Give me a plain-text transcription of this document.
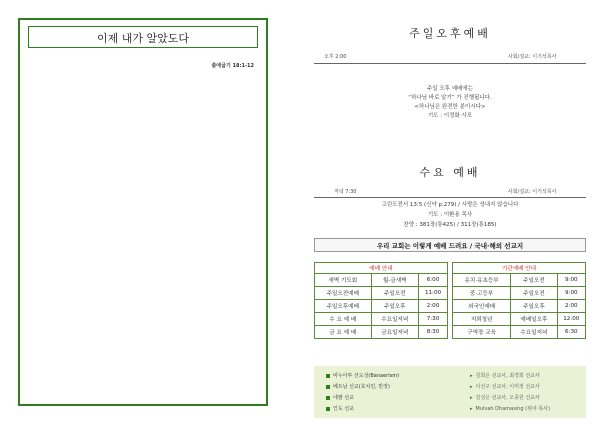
이제 내가 알았도다
출애굽기 18:1-12
주일오후예배
오후 2:00	사회/설교: 이기석목사
주일 오후 예배에는
“하나님 바로 알기” 가 진행됩니다.
<하나님은 완전한 분이시다>
기도 : 이정화 사모
수요 예배
저녁 7:30	사회/설교: 이기석목사
고린도전서 13:5 (신약 p.279) / 사랑은 성내지 않습니다
기도 : 이환용 목사
찬양 : 381장(통425) / 311장(통185)
우리 교회는 이렇게 예배 드려요 / 국내·해외 선교지
예배 안내		
새벽 기도회	월-금새벽	6:00
주일오전예배	주일오전	11:00
주일오후예배	주일오후	2:00
수 요 예 배	수요일저녁	7:30
금 요 예 배	금요일저녁	8:30
기관예배 안내		
유치·유초등부	주일오전	9:00
중·고등부	주일오전	9:00
외국인예배	주일오후	2:00
지뢰청년	예배일오후	12:00
구역장 교육	수요일저녁	6:30
바누아투 선도성(Banaerism)	▸ 김희은 선교사, 최경희 선교사
베트남 선교(호치민, 반장)	▸ 이선구 선교사, 이미정 선교사
네팔 선교	▸ 김성은 선교사, 오종원 선교사
인도 선교	▸ Mulvah Dhamasing (위야 목사)
